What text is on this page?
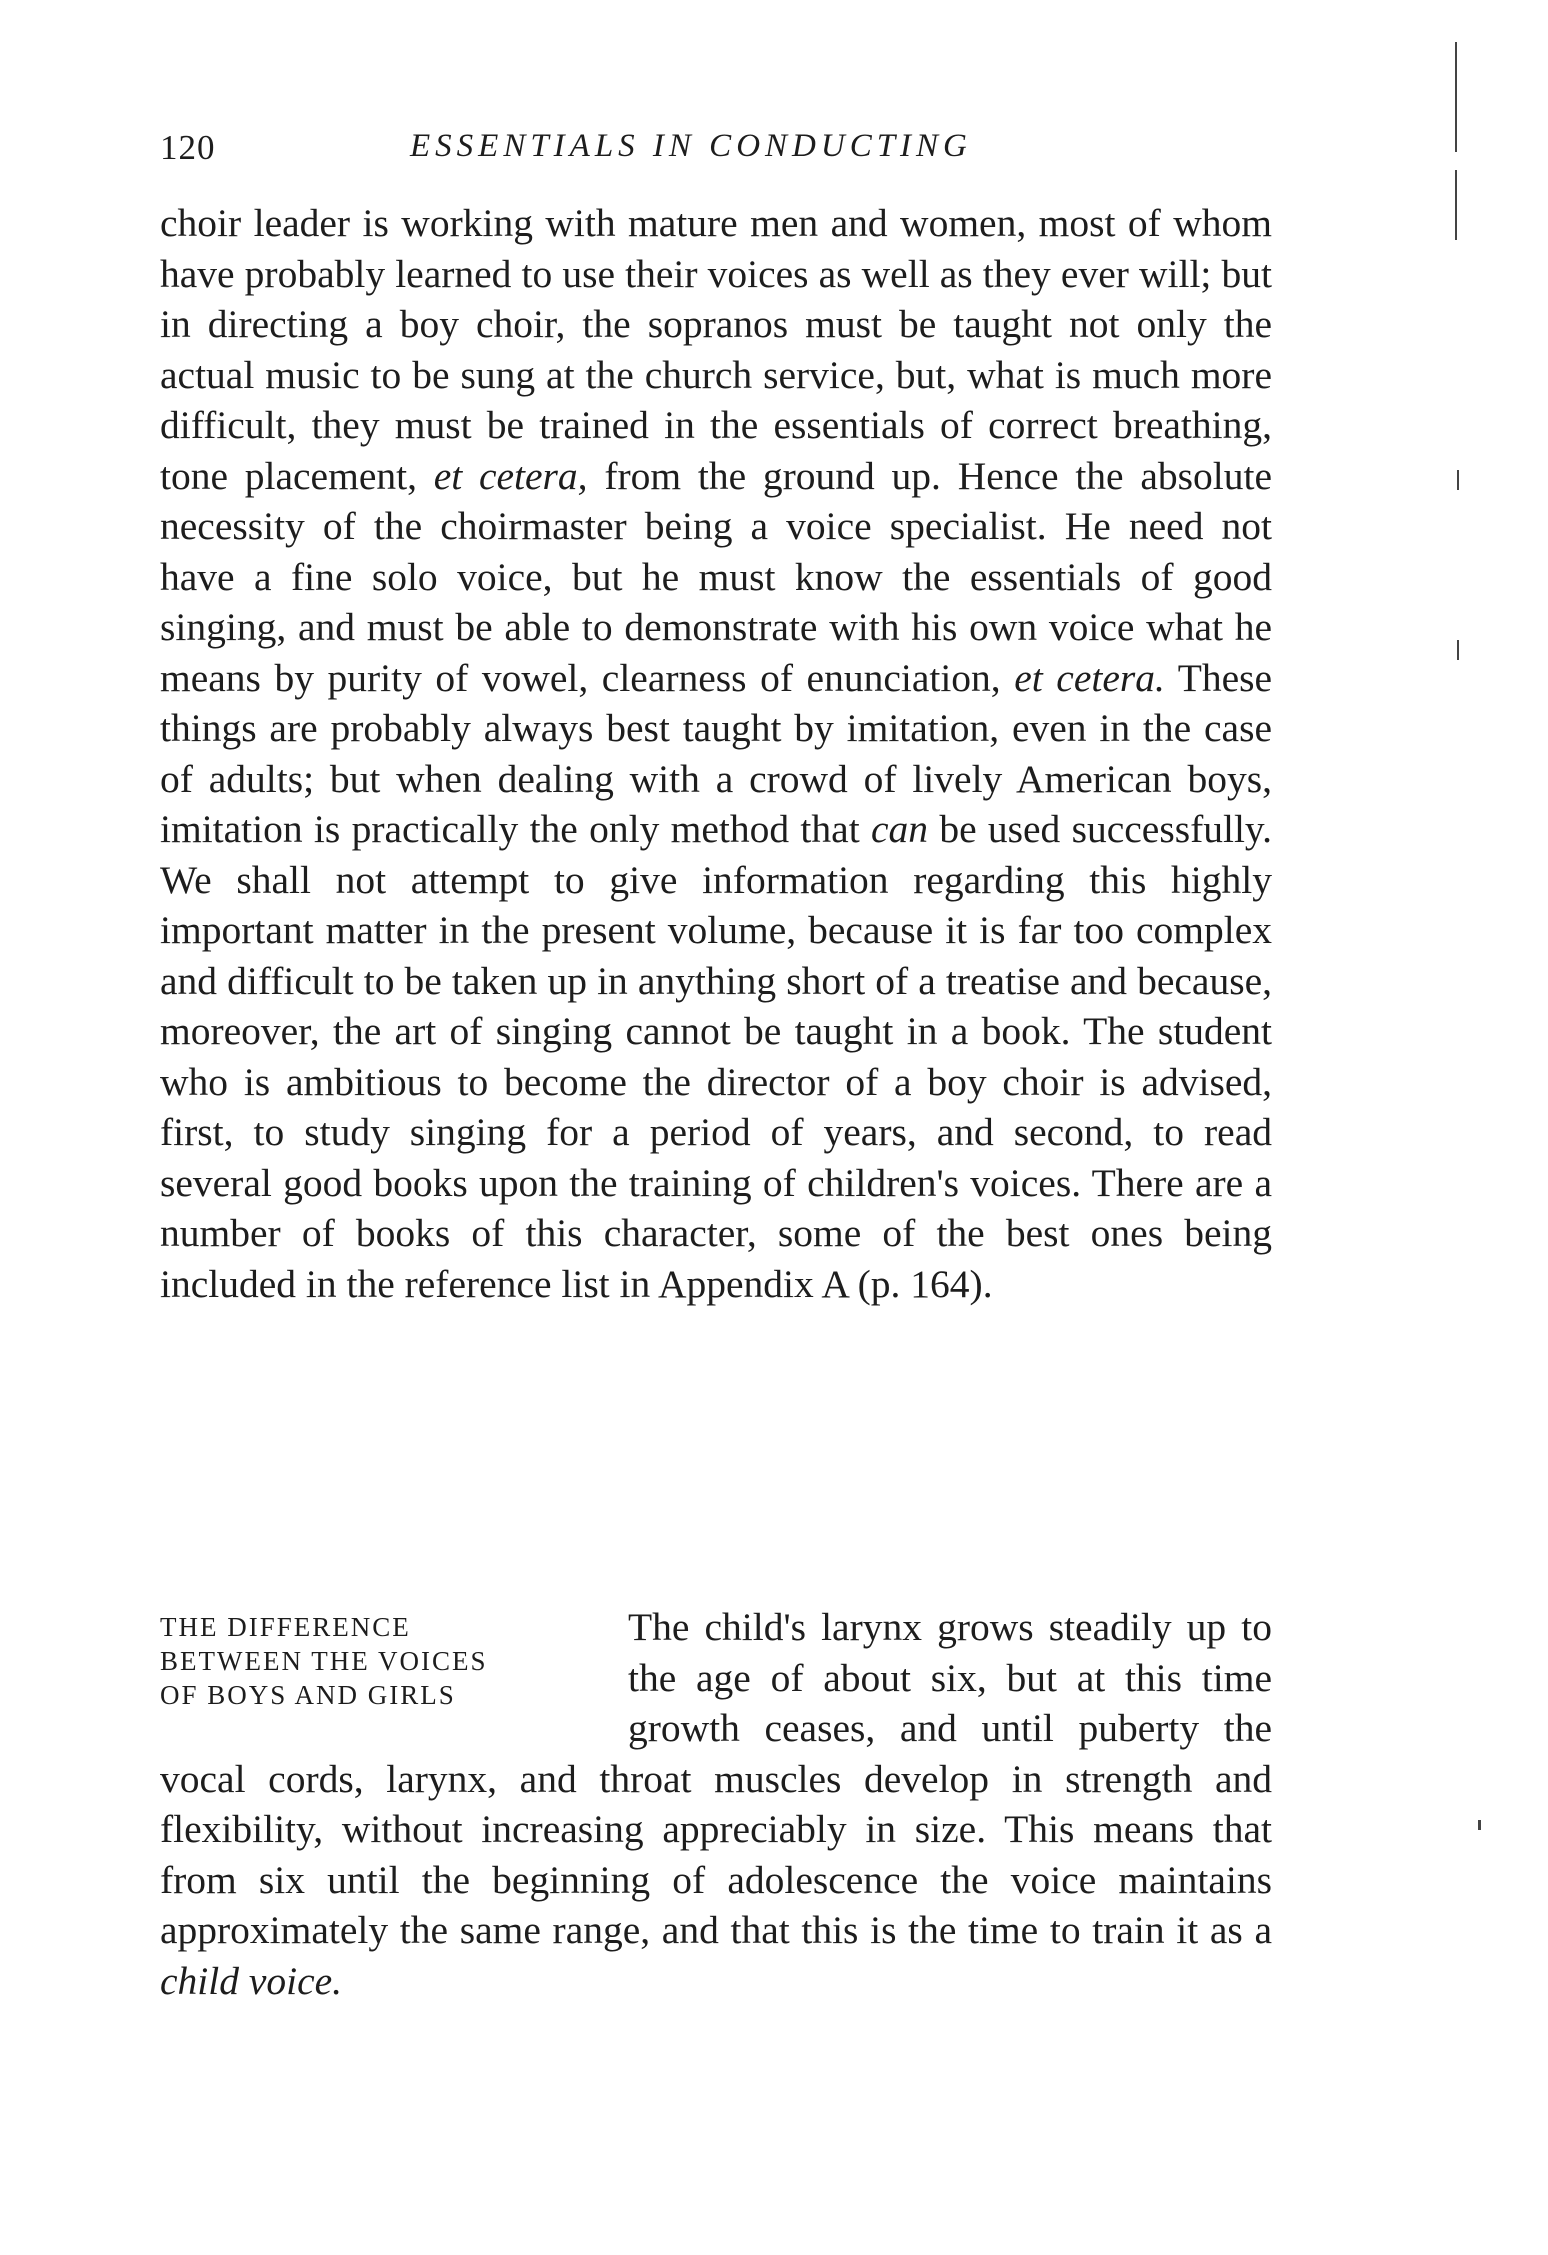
120	ESSENTIALS IN CONDUCTING

choir leader is working with mature men and women, most of whom have probably learned to use their voices as well as they ever will; but in directing a boy choir, the sopranos must be taught not only the actual music to be sung at the church service, but, what is much more difficult, they must be trained in the essentials of correct breathing, tone placement, et cetera, from the ground up. Hence the absolute necessity of the choirmaster being a voice specialist. He need not have a fine solo voice, but he must know the essentials of good singing, and must be able to demonstrate with his own voice what he means by purity of vowel, clearness of enunciation, et cetera. These things are probably always best taught by imitation, even in the case of adults; but when dealing with a crowd of lively American boys, imitation is practically the only method that can be used successfully. We shall not attempt to give information regarding this highly important matter in the present volume, because it is far too complex and difficult to be taken up in anything short of a treatise and because, moreover, the art of singing cannot be taught in a book. The student who is ambitious to become the director of a boy choir is advised, first, to study singing for a period of years, and second, to read several good books upon the training of children's voices. There are a number of books of this character, some of the best ones being included in the reference list in Appendix A (p. 164).

THE DIFFERENCE
BETWEEN THE VOICES
OF BOYS AND GIRLS

The child's larynx grows steadily up to the age of about six, but at this time growth ceases, and until puberty the vocal cords, larynx, and throat muscles develop in strength and flexibility, without increasing appreciably in size. This means that from six until the beginning of adolescence the voice maintains approximately the same range, and that this is the time to train it as a child voice.
